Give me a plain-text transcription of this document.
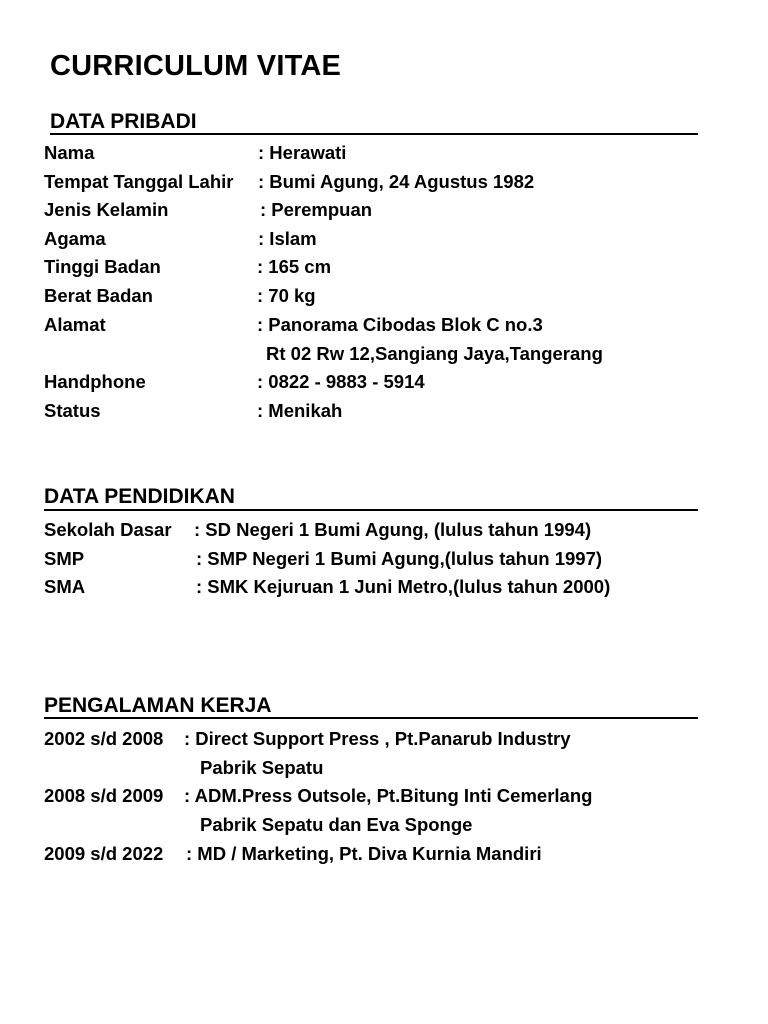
CURRICULUM VITAE
DATA PRIBADI
Nama	: Herawati
Tempat Tanggal Lahir : Bumi Agung, 24 Agustus 1982
Jenis Kelamin	: Perempuan
Agama	: Islam
Tinggi Badan	: 165 cm
Berat Badan	: 70 kg
Alamat	: Panorama Cibodas Blok C no.3
Rt 02 Rw 12,Sangiang Jaya,Tangerang
Handphone	: 0822 - 9883 - 5914
Status	: Menikah
DATA PENDIDIKAN
Sekolah Dasar : SD Negeri 1 Bumi Agung, (lulus tahun 1994)
SMP	: SMP Negeri 1 Bumi Agung,(lulus tahun 1997)
SMA	: SMK Kejuruan 1 Juni Metro,(lulus tahun 2000)
PENGALAMAN KERJA
2002 s/d 2008 : Direct Support Press , Pt.Panarub Industry
Pabrik Sepatu
2008 s/d 2009 : ADM.Press Outsole, Pt.Bitung Inti Cemerlang
Pabrik Sepatu dan Eva Sponge
2009 s/d 2022 : MD / Marketing, Pt. Diva Kurnia Mandiri
